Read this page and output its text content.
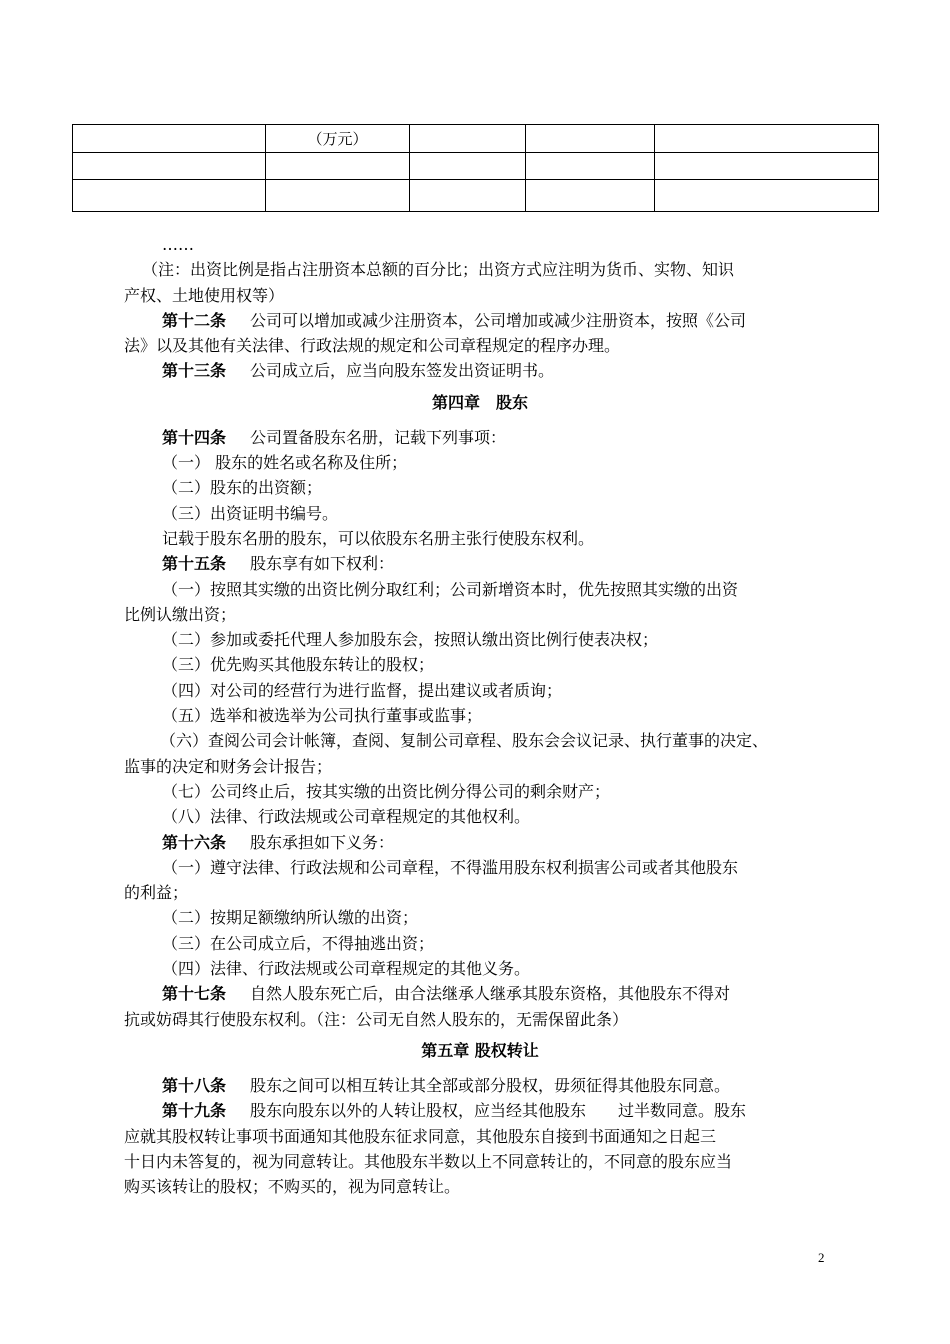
	（万元）			

……

（注：出资比例是指占注册资本总额的百分比；出资方式应注明为货币、实物、知识

产权、土地使用权等）

第十二条 公司可以增加或减少注册资本，公司增加或减少注册资本，按照《公司

法》以及其他有关法律、行政法规的规定和公司章程规定的程序办理。

第十三条 公司成立后，应当向股东签发出资证明书。

第四章　股东

第十四条 公司置备股东名册，记载下列事项：

（一） 股东的姓名或名称及住所；

（二）股东的出资额；

（三）出资证明书编号。

记载于股东名册的股东，可以依股东名册主张行使股东权利。

第十五条 股东享有如下权利：

（一）按照其实缴的出资比例分取红利；公司新增资本时，优先按照其实缴的出资

比例认缴出资；

（二）参加或委托代理人参加股东会，按照认缴出资比例行使表决权；

（三）优先购买其他股东转让的股权；

（四）对公司的经营行为进行监督，提出建议或者质询；

（五）选举和被选举为公司执行董事或监事；

（六）查阅公司会计帐簿，查阅、复制公司章程、股东会会议记录、执行董事的决定、

监事的决定和财务会计报告；

（七）公司终止后，按其实缴的出资比例分得公司的剩余财产；

（八）法律、行政法规或公司章程规定的其他权利。

第十六条 股东承担如下义务：

（一）遵守法律、行政法规和公司章程，不得滥用股东权利损害公司或者其他股东

的利益；

（二）按期足额缴纳所认缴的出资；

（三）在公司成立后，不得抽逃出资；

（四）法律、行政法规或公司章程规定的其他义务。

第十七条 自然人股东死亡后，由合法继承人继承其股东资格，其他股东不得对

抗或妨碍其行使股东权利。（注：公司无自然人股东的，无需保留此条）

第五章 股权转让

第十八条 股东之间可以相互转让其全部或部分股权，毋须征得其他股东同意。

第十九条 股东向股东以外的人转让股权，应当经其他股东　　过半数同意。股东

应就其股权转让事项书面通知其他股东征求同意，其他股东自接到书面通知之日起三

十日内未答复的，视为同意转让。其他股东半数以上不同意转让的，不同意的股东应当

购买该转让的股权；不购买的，视为同意转让。

2
